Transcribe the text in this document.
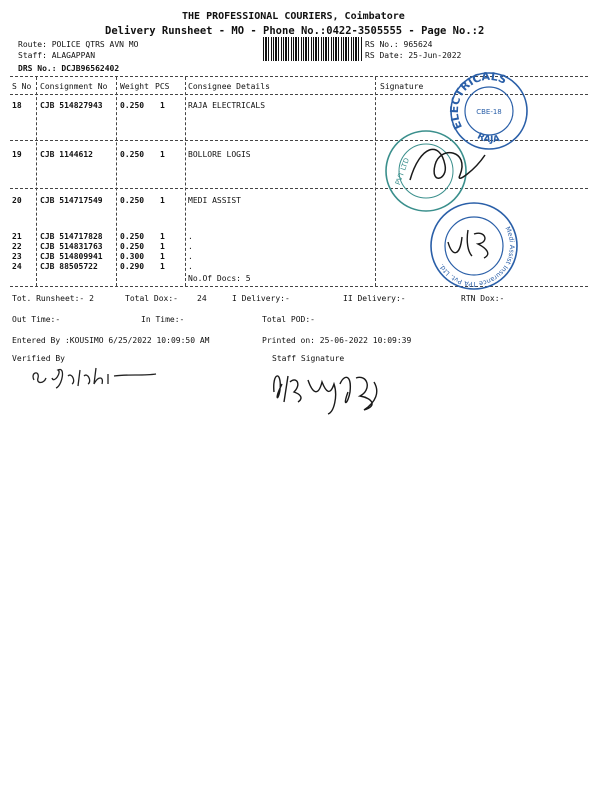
THE PROFESSIONAL COURIERS, Coimbatore
Delivery Runsheet - MO - Phone No.:0422-3505555 - Page No.:2
Route: POLICE QTRS AVN MO
Staff: ALAGAPPAN
DRS No.: DCJB96562402
RS No.: 965624
RS Date: 25-Jun-2022
S No Consignment No Weight PCS Consignee Details	Signature
18 CJB 514827943 0.250 1	RAJA ELECTRICALS
19 CJB 1144612	0.250 1	BOLLORE LOGIS
20 CJB 514717549 0.250 1	MEDI ASSIST
21 CJB 514717828 0.250 1	.
22 CJB 514831763 0.250 1	.
23 CJB 514809941 0.300 1	.
24 CJB 88505722	0.290 1	.
No.Of Docs: 5
ELECTRICALS
RAJA
CBE-18
PVT LTD
Medi Assist Insurance TPA Pvt. Ltd.,
Tot. Runsheet:- 2	Total Dox:- 24	I Delivery:-	II Delivery:-	RTN Dox:-
Out Time:-	In Time:-	Total POD:-
Entered By :KOUSIMO 6/25/2022 10:09:50 AM	Printed on: 25-06-2022 10:09:39
Verified By	Staff Signature
